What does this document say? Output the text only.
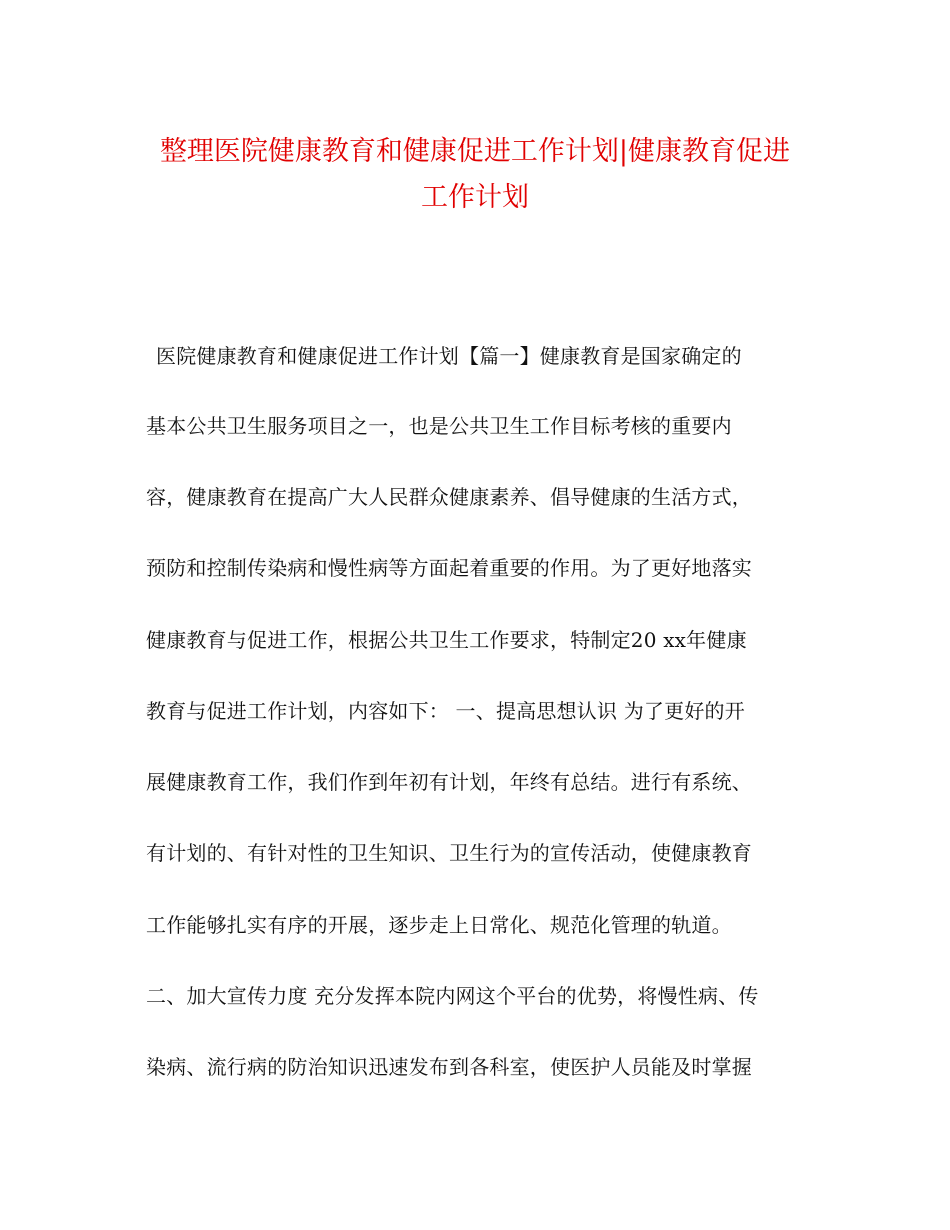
整理医院健康教育和健康促进工作计划|健康教育促进
工作计划
医院健康教育和健康促进工作计划【篇一】健康教育是国家确定的
基本公共卫生服务项目之一，也是公共卫生工作目标考核的重要内
容，健康教育在提高广大人民群众健康素养、倡导健康的生活方式，
预防和控制传染病和慢性病等方面起着重要的作用。为了更好地落实
健康教育与促进工作，根据公共卫生工作要求，特制定20 xx年健康
教育与促进工作计划，内容如下： 一、提高思想认识 为了更好的开
展健康教育工作，我们作到年初有计划，年终有总结。进行有系统、
有计划的、有针对性的卫生知识、卫生行为的宣传活动，使健康教育
工作能够扎实有序的开展，逐步走上日常化、规范化管理的轨道。
二、加大宣传力度 充分发挥本院内网这个平台的优势，将慢性病、传
染病、流行病的防治知识迅速发布到各科室，使医护人员能及时掌握
